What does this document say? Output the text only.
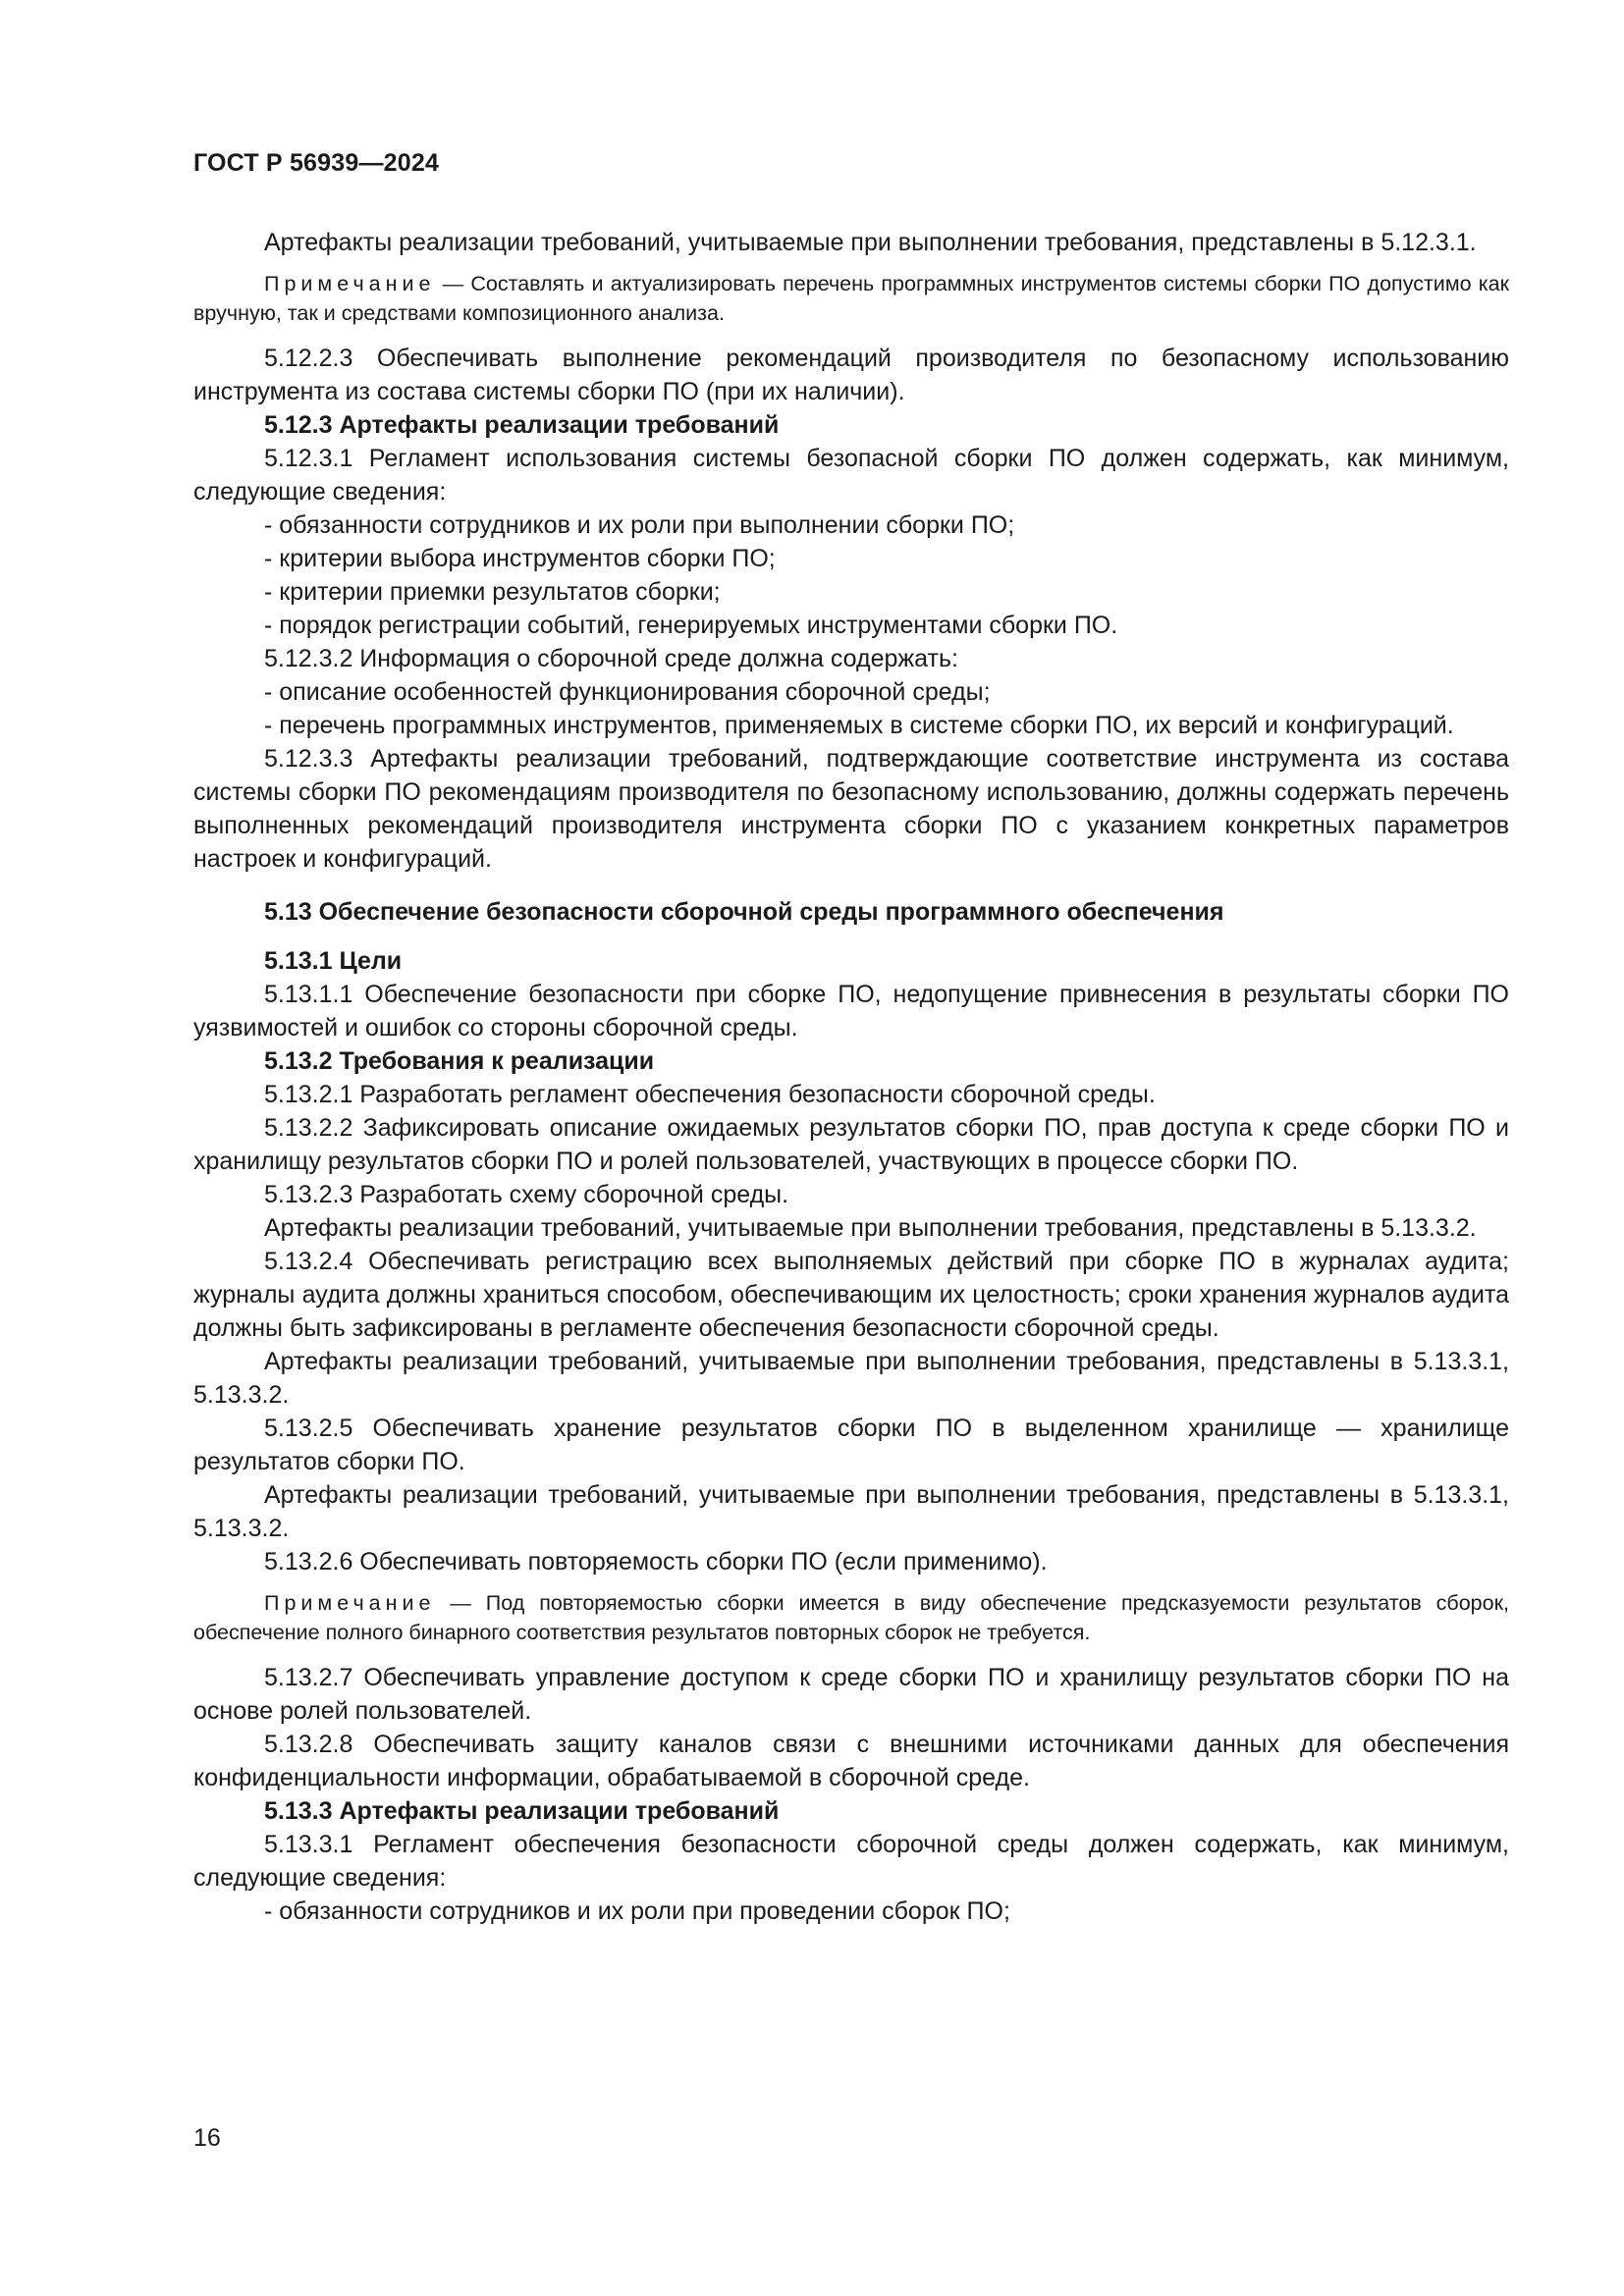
ГОСТ Р 56939—2024

Артефакты реализации требований, учитываемые при выполнении требования, представлены в 5.12.3.1.

Примечание — Составлять и актуализировать перечень программных инструментов системы сборки ПО допустимо как вручную, так и средствами композиционного анализа.

5.12.2.3 Обеспечивать выполнение рекомендаций производителя по безопасному использованию инструмента из состава системы сборки ПО (при их наличии).

5.12.3 Артефакты реализации требований

5.12.3.1 Регламент использования системы безопасной сборки ПО должен содержать, как минимум, следующие сведения:

- обязанности сотрудников и их роли при выполнении сборки ПО;

- критерии выбора инструментов сборки ПО;

- критерии приемки результатов сборки;

- порядок регистрации событий, генерируемых инструментами сборки ПО.

5.12.3.2 Информация о сборочной среде должна содержать:

- описание особенностей функционирования сборочной среды;

- перечень программных инструментов, применяемых в системе сборки ПО, их версий и конфигураций.

5.12.3.3 Артефакты реализации требований, подтверждающие соответствие инструмента из состава системы сборки ПО рекомендациям производителя по безопасному использованию, должны содержать перечень выполненных рекомендаций производителя инструмента сборки ПО с указанием конкретных параметров настроек и конфигураций.

5.13 Обеспечение безопасности сборочной среды программного обеспечения

5.13.1 Цели

5.13.1.1 Обеспечение безопасности при сборке ПО, недопущение привнесения в результаты сборки ПО уязвимостей и ошибок со стороны сборочной среды.

5.13.2 Требования к реализации

5.13.2.1 Разработать регламент обеспечения безопасности сборочной среды.

5.13.2.2 Зафиксировать описание ожидаемых результатов сборки ПО, прав доступа к среде сборки ПО и хранилищу результатов сборки ПО и ролей пользователей, участвующих в процессе сборки ПО.

5.13.2.3 Разработать схему сборочной среды.

Артефакты реализации требований, учитываемые при выполнении требования, представлены в 5.13.3.2.

5.13.2.4 Обеспечивать регистрацию всех выполняемых действий при сборке ПО в журналах аудита; журналы аудита должны храниться способом, обеспечивающим их целостность; сроки хранения журналов аудита должны быть зафиксированы в регламенте обеспечения безопасности сборочной среды.

Артефакты реализации требований, учитываемые при выполнении требования, представлены в 5.13.3.1, 5.13.3.2.

5.13.2.5 Обеспечивать хранение результатов сборки ПО в выделенном хранилище — хранилище результатов сборки ПО.

Артефакты реализации требований, учитываемые при выполнении требования, представлены в 5.13.3.1, 5.13.3.2.

5.13.2.6 Обеспечивать повторяемость сборки ПО (если применимо).

Примечание — Под повторяемостью сборки имеется в виду обеспечение предсказуемости результатов сборок, обеспечение полного бинарного соответствия результатов повторных сборок не требуется.

5.13.2.7 Обеспечивать управление доступом к среде сборки ПО и хранилищу результатов сборки ПО на основе ролей пользователей.

5.13.2.8 Обеспечивать защиту каналов связи с внешними источниками данных для обеспечения конфиденциальности информации, обрабатываемой в сборочной среде.

5.13.3 Артефакты реализации требований

5.13.3.1 Регламент обеспечения безопасности сборочной среды должен содержать, как минимум, следующие сведения:

- обязанности сотрудников и их роли при проведении сборок ПО;

16
